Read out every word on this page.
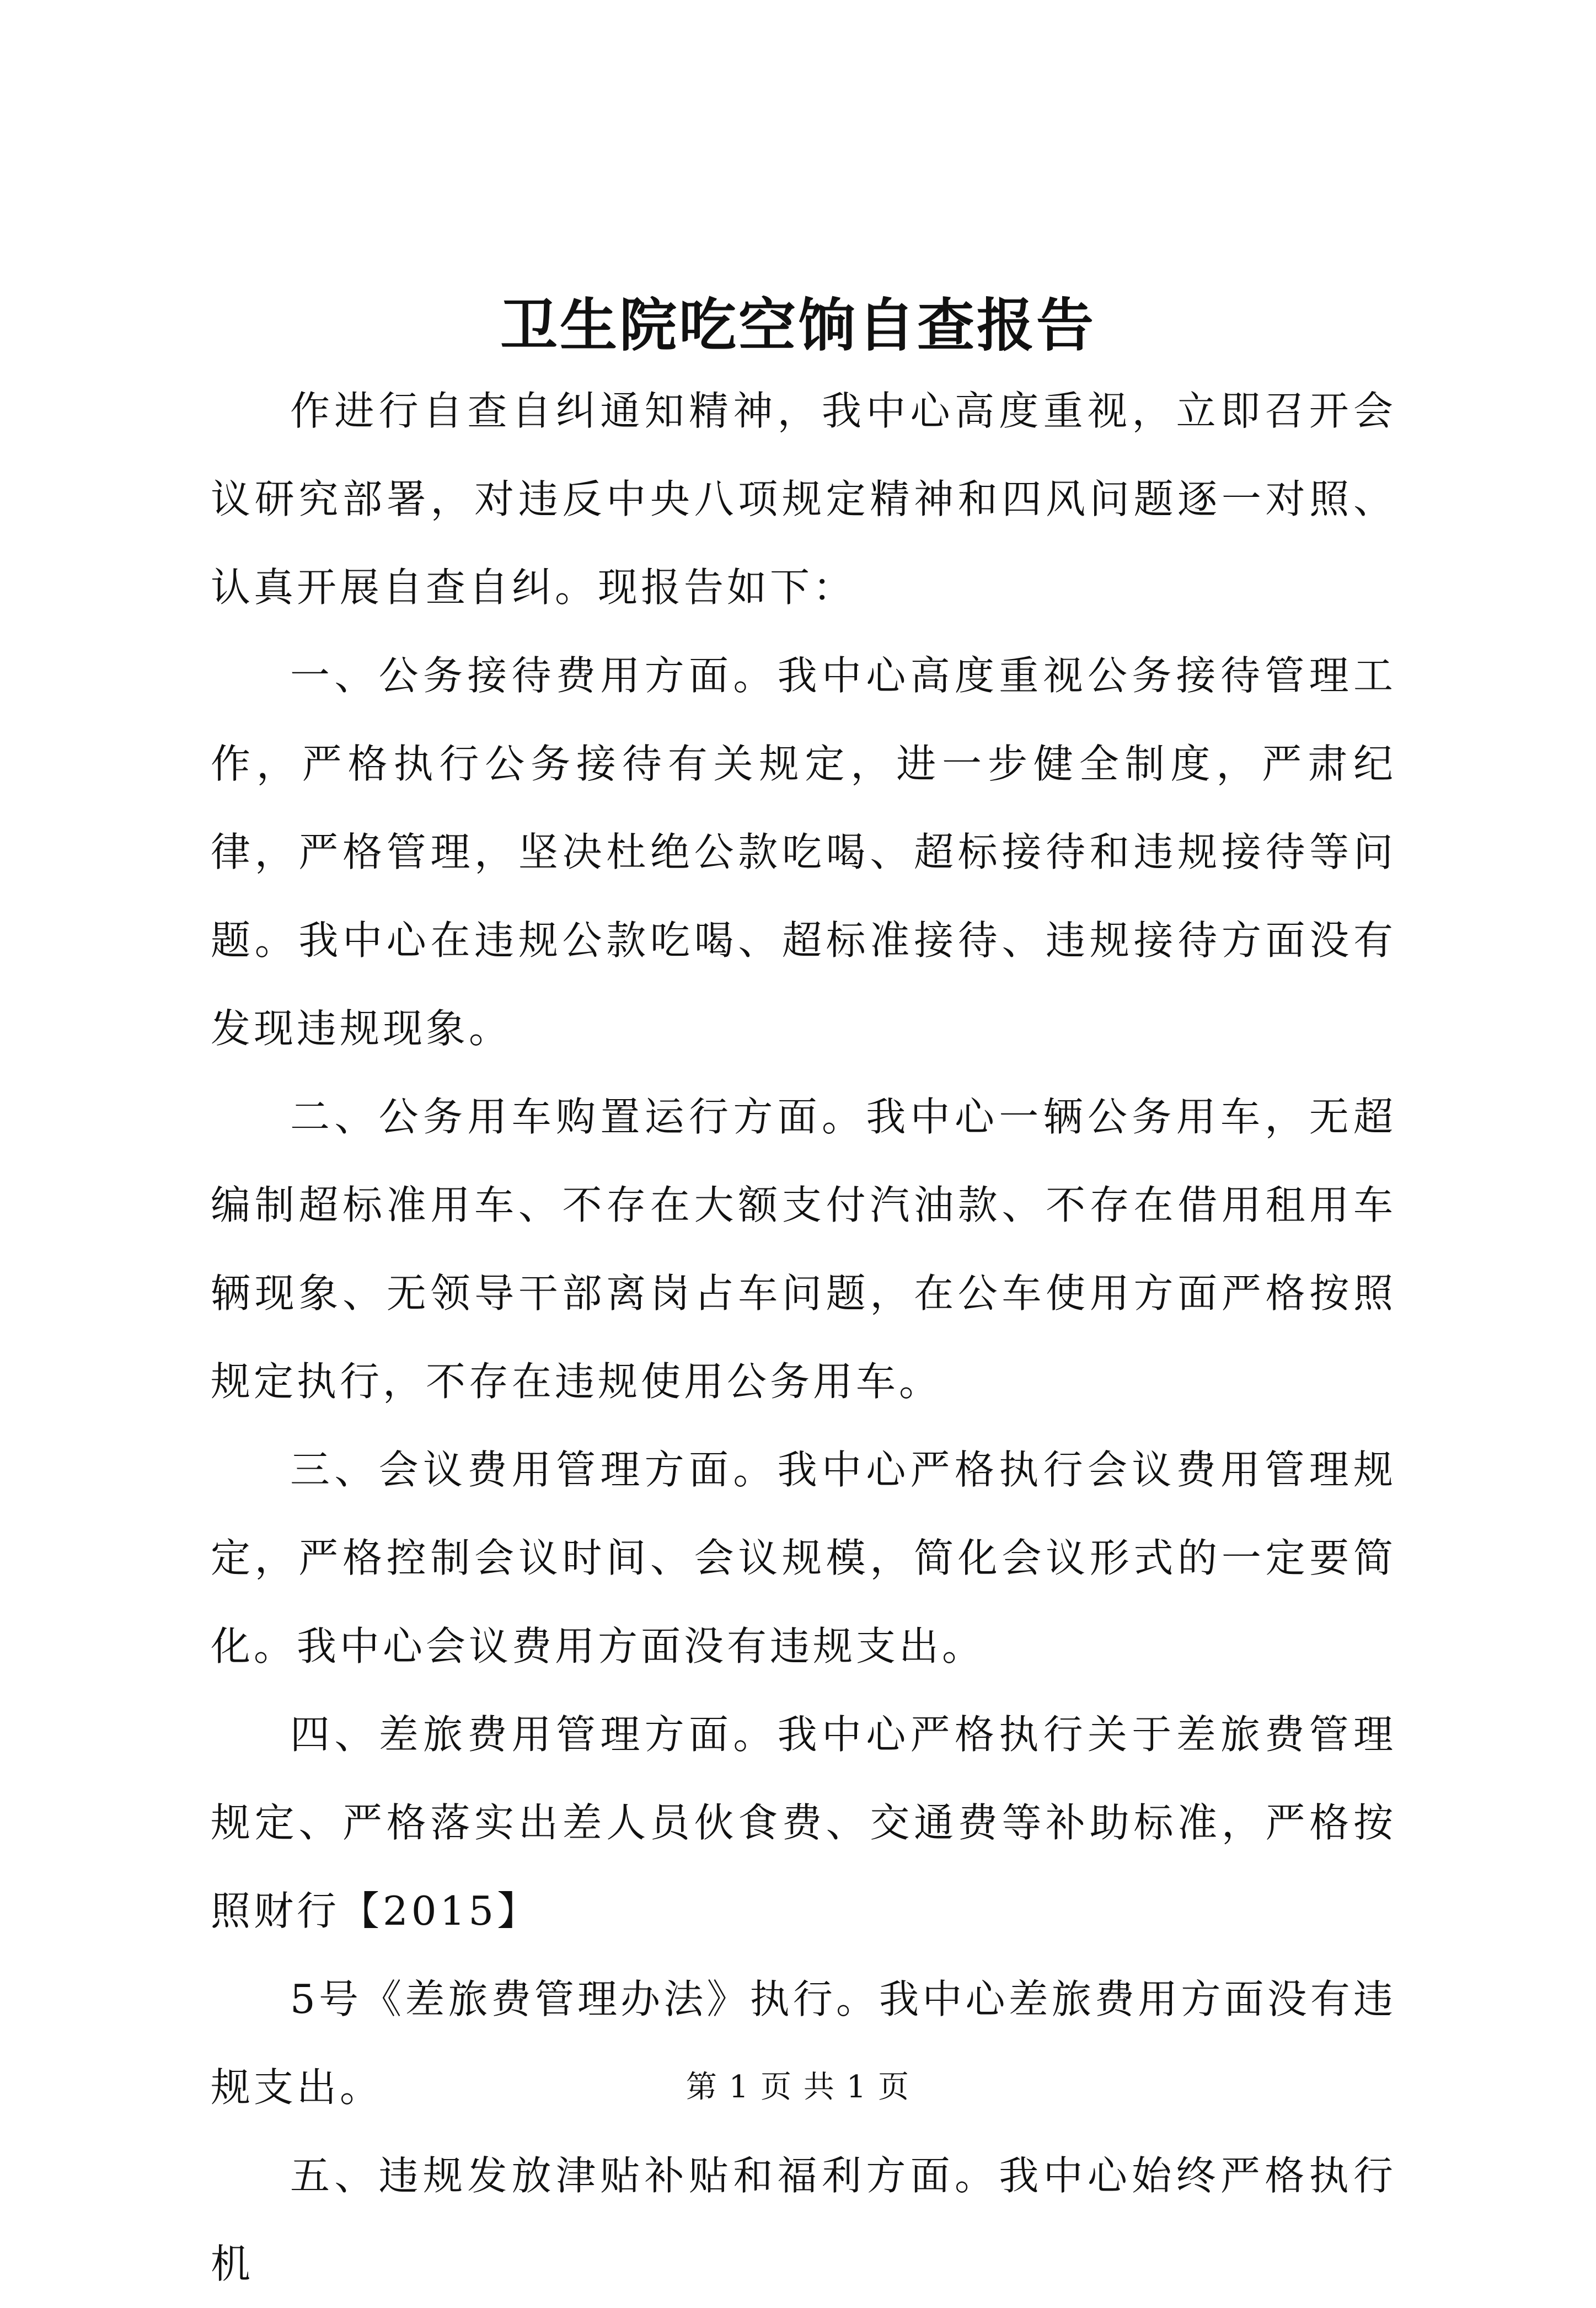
卫生院吃空饷自查报告

作进行自查自纠通知精神，我中心高度重视，立即召开会议研究部署，对违反中央八项规定精神和四风问题逐一对照、认真开展自查自纠。现报告如下：

一、公务接待费用方面。我中心高度重视公务接待管理工作，严格执行公务接待有关规定，进一步健全制度，严肃纪律，严格管理，坚决杜绝公款吃喝、超标接待和违规接待等问题。我中心在违规公款吃喝、超标准接待、违规接待方面没有发现违规现象。

二、公务用车购置运行方面。我中心一辆公务用车，无超编制超标准用车、不存在大额支付汽油款、不存在借用租用车辆现象、无领导干部离岗占车问题，在公车使用方面严格按照规定执行，不存在违规使用公务用车。

三、会议费用管理方面。我中心严格执行会议费用管理规定，严格控制会议时间、会议规模，简化会议形式的一定要简化。我中心会议费用方面没有违规支出。

四、差旅费用管理方面。我中心严格执行关于差旅费管理规定、严格落实出差人员伙食费、交通费等补助标准，严格按照财行【2015】

5号《差旅费管理办法》执行。我中心差旅费用方面没有违规支出。

五、违规发放津贴补贴和福利方面。我中心始终严格执行机

第 1 页 共 1 页
